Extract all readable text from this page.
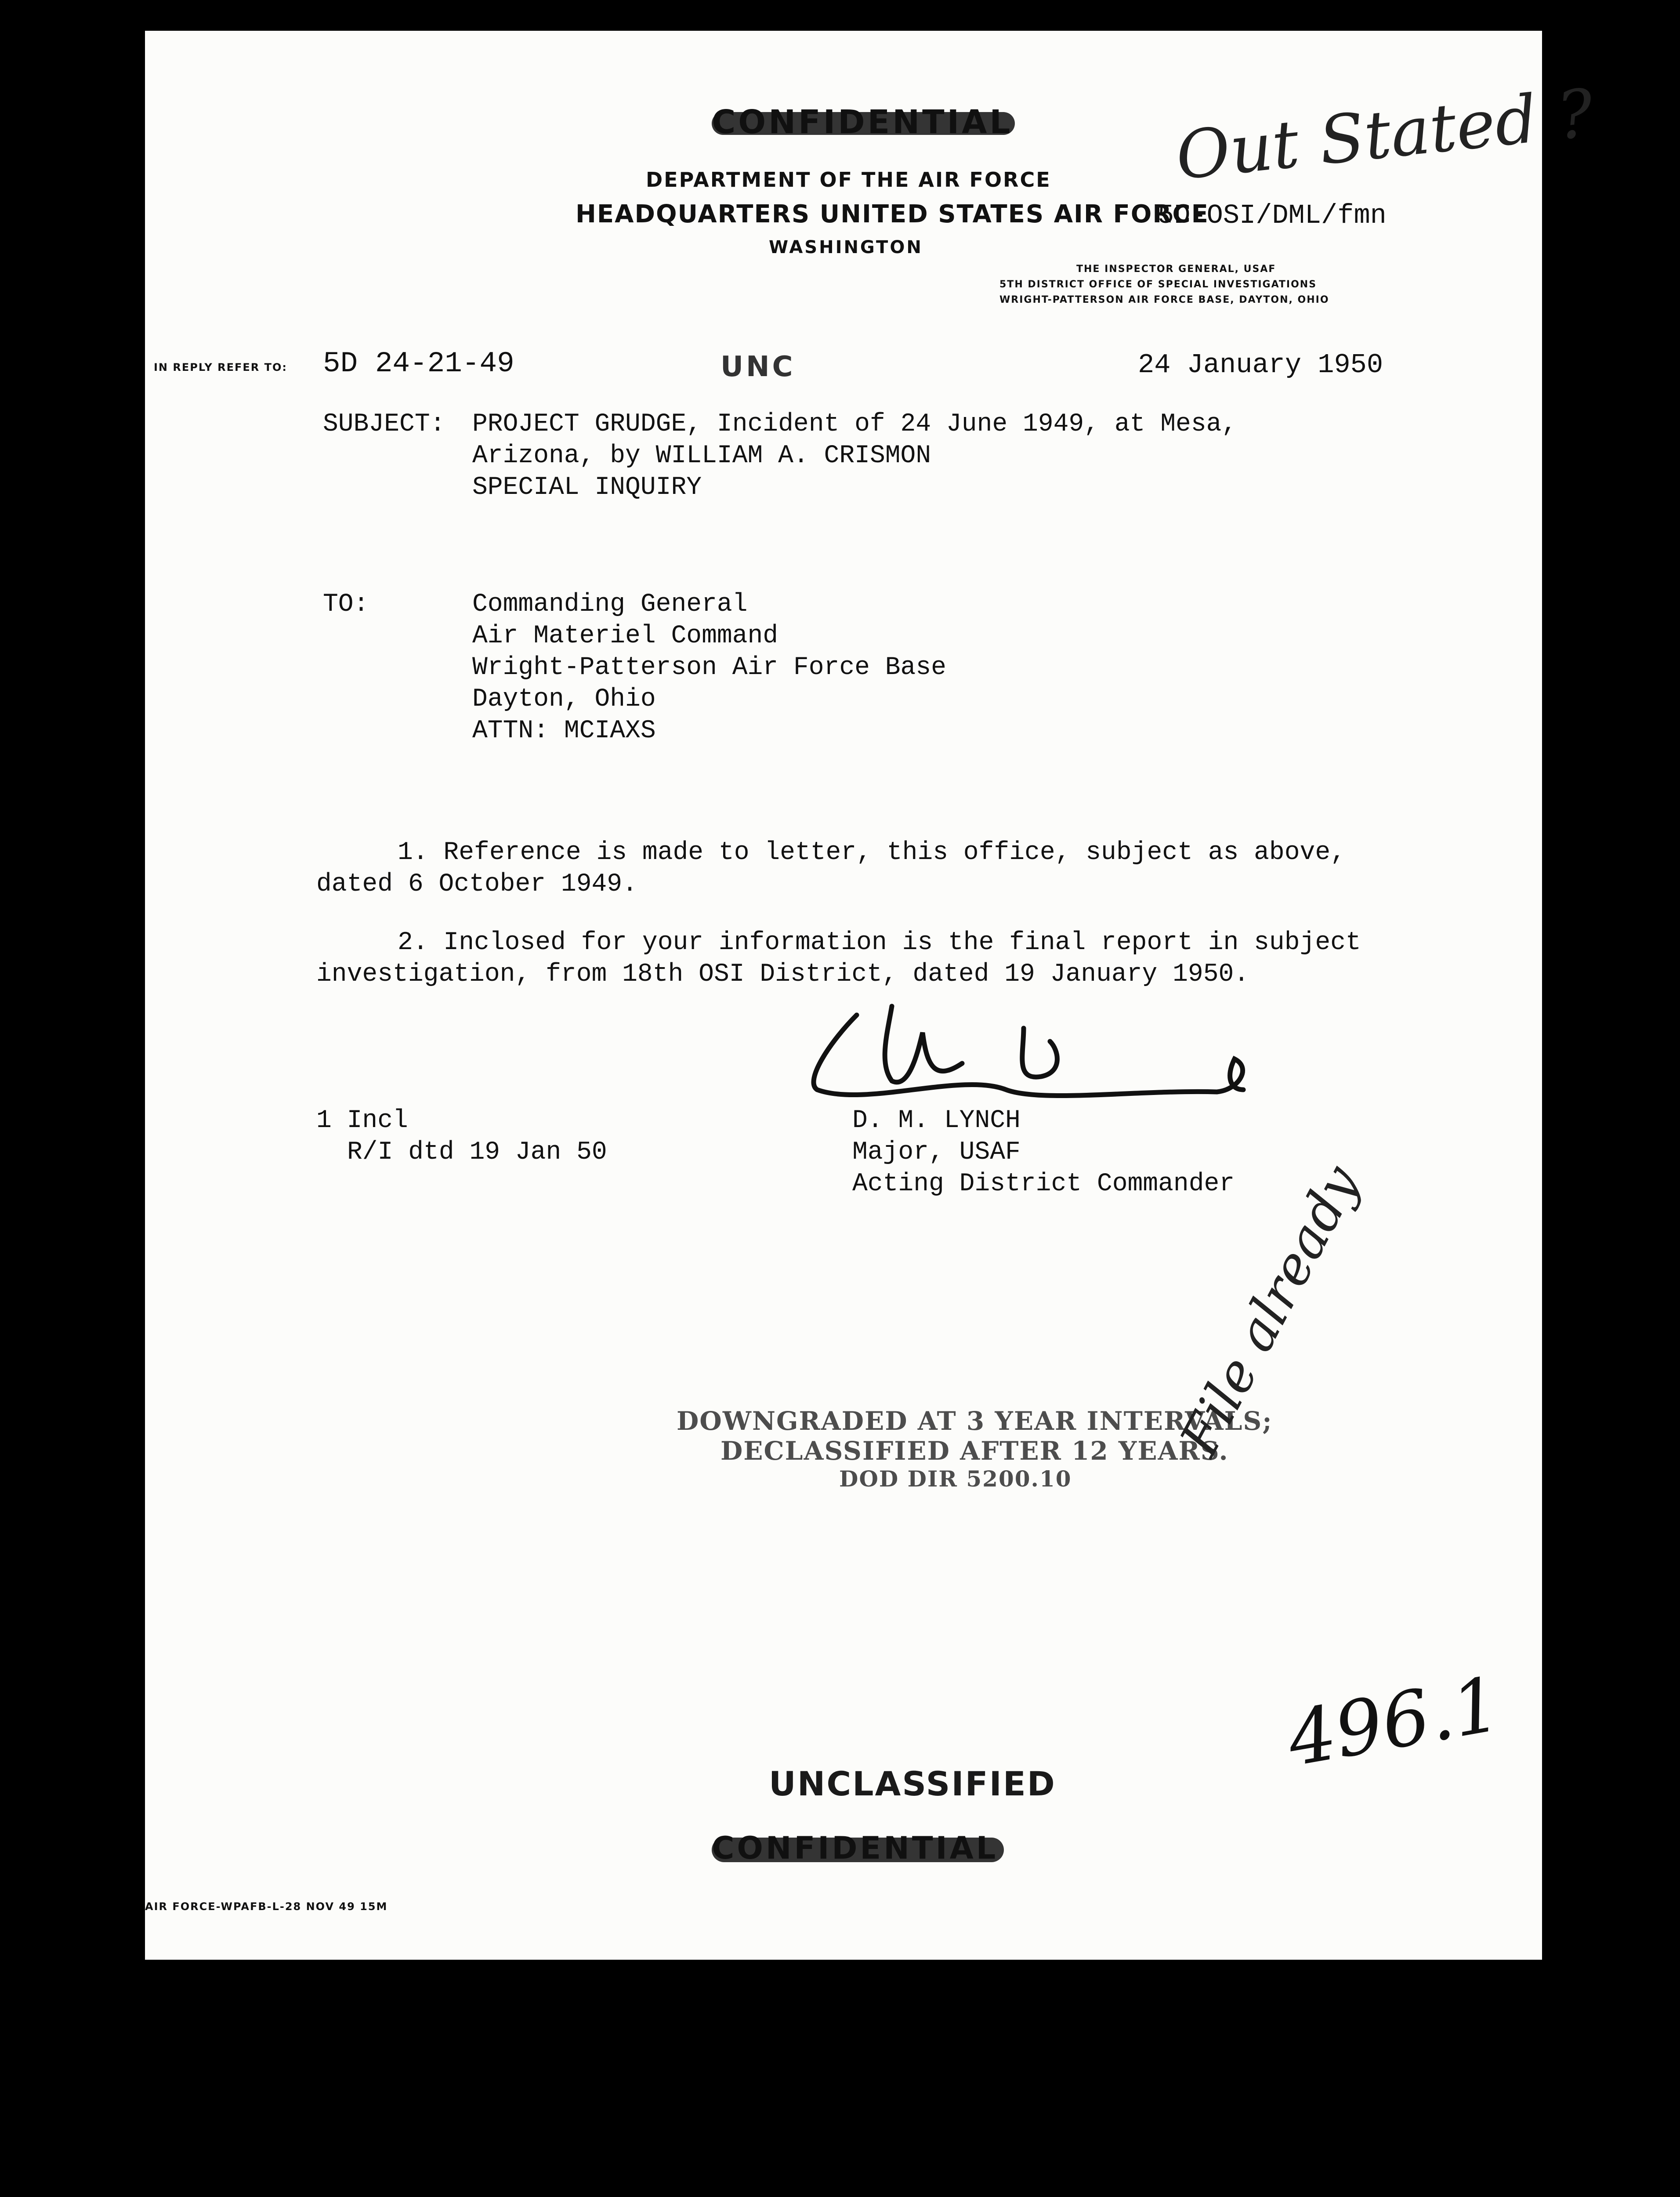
Out Stated ?
DEPARTMENT OF THE AIR FORCE
HEADQUARTERS UNITED STATES AIR FORCE
WASHINGTON
5D-OSI/DML/fmn
THE INSPECTOR GENERAL, USAF
5TH DISTRICT OFFICE OF SPECIAL INVESTIGATIONS
WRIGHT-PATTERSON AIR FORCE BASE, DAYTON, OHIO
IN REPLY REFER TO: 5D 24-21-49	UNC	24 January 1950
SUBJECT: PROJECT GRUDGE, Incident of 24 June 1949, at Mesa,
Arizona, by WILLIAM A. CRISMON
SPECIAL INQUIRY
TO:	Commanding General
Air Materiel Command
Wright-Patterson Air Force Base
Dayton, Ohio
ATTN: MCIAXS
1. Reference is made to letter, this office, subject as above,
dated 6 October 1949.
2. Inclosed for your information is the final report in subject
investigation, from 18th OSI District, dated 19 January 1950.
1 Incl
R/I dtd 19 Jan 50
D. M. LYNCH
Major, USAF
Acting District Commander
DOWNGRADED AT 3 YEAR INTERVALS;
DECLASSIFIED AFTER 12 YEARS.
DOD DIR 5200.10
File already
496.1
UNCLASSIFIED
AIR FORCE-WPAFB-L-28 NOV 49 15M
